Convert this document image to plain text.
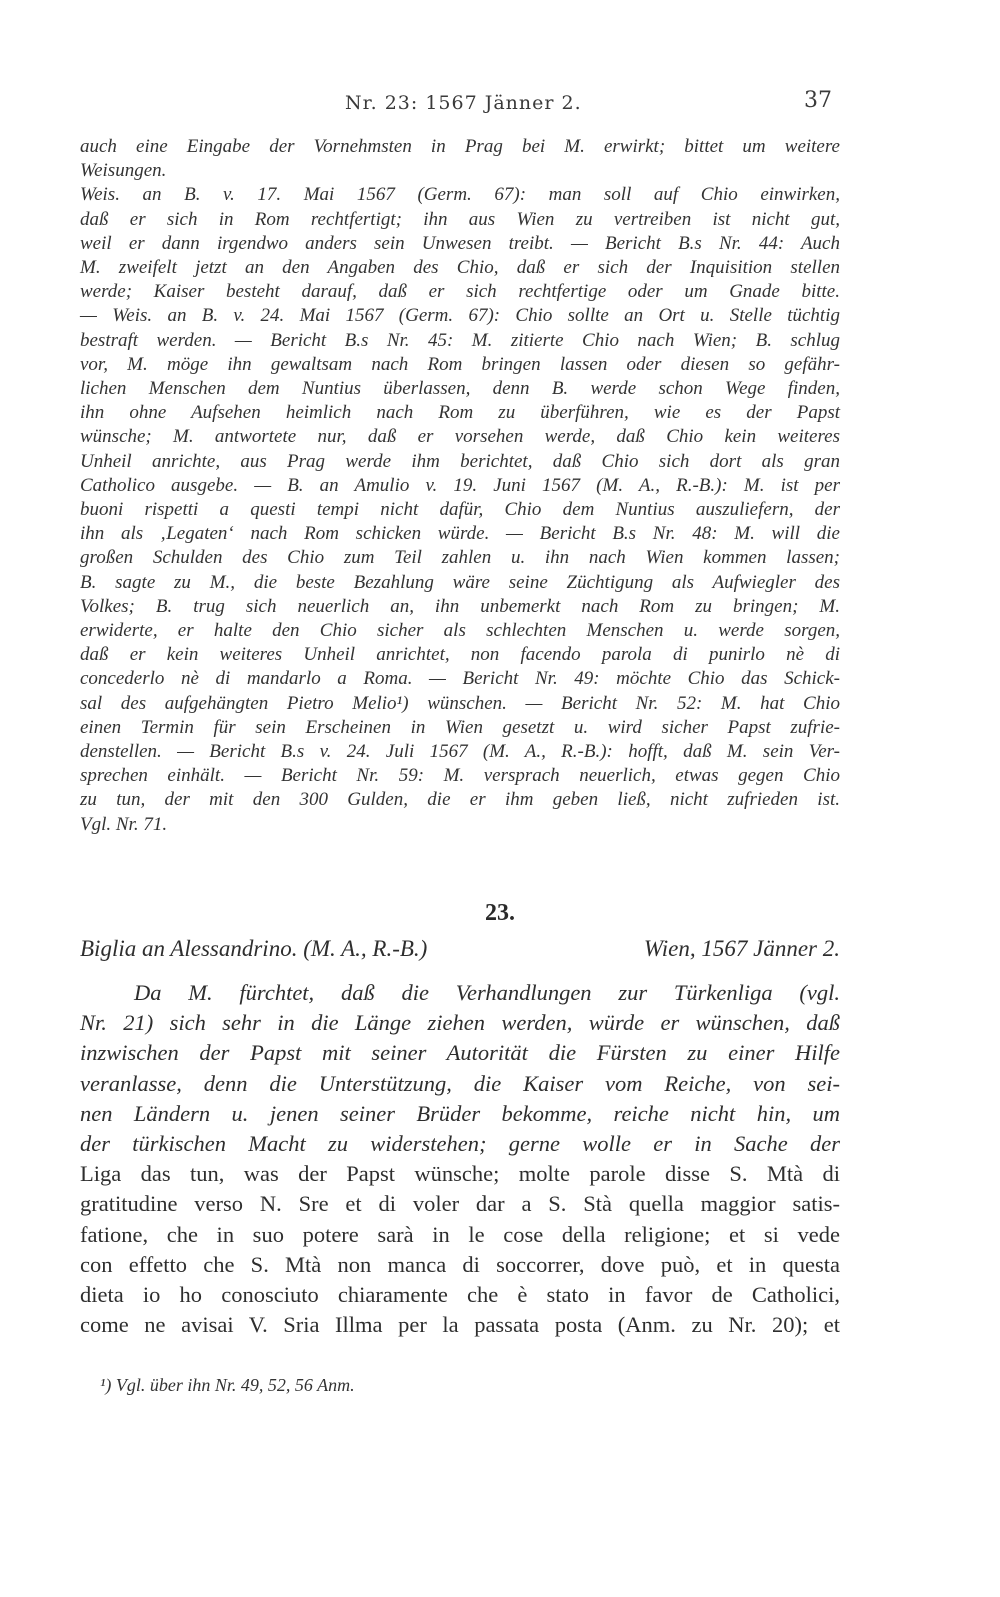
Nr. 23: 1567 Jänner 2.	37
auch eine Eingabe der Vornehmsten in Prag bei M. erwirkt; bittet um weitere
Weisungen.
Weis. an B. v. 17. Mai 1567 (Germ. 67): man soll auf Chio einwirken,
daß er sich in Rom rechtfertigt; ihn aus Wien zu vertreiben ist nicht gut,
weil er dann irgendwo anders sein Unwesen treibt. — Bericht B.s Nr. 44: Auch
M. zweifelt jetzt an den Angaben des Chio, daß er sich der Inquisition stellen
werde; Kaiser besteht darauf, daß er sich rechtfertige oder um Gnade bitte.
— Weis. an B. v. 24. Mai 1567 (Germ. 67): Chio sollte an Ort u. Stelle tüchtig
bestraft werden. — Bericht B.s Nr. 45: M. zitierte Chio nach Wien; B. schlug
vor, M. möge ihn gewaltsam nach Rom bringen lassen oder diesen so gefähr-
lichen Menschen dem Nuntius überlassen, denn B. werde schon Wege finden,
ihn ohne Aufsehen heimlich nach Rom zu überführen, wie es der Papst
wünsche; M. antwortete nur, daß er vorsehen werde, daß Chio kein weiteres
Unheil anrichte, aus Prag werde ihm berichtet, daß Chio sich dort als gran
Catholico ausgebe. — B. an Amulio v. 19. Juni 1567 (M. A., R.-B.): M. ist per
buoni rispetti a questi tempi nicht dafür, Chio dem Nuntius auszuliefern, der
ihn als ‚Legaten‘ nach Rom schicken würde. — Bericht B.s Nr. 48: M. will die
großen Schulden des Chio zum Teil zahlen u. ihn nach Wien kommen lassen;
B. sagte zu M., die beste Bezahlung wäre seine Züchtigung als Aufwiegler des
Volkes; B. trug sich neuerlich an, ihn unbemerkt nach Rom zu bringen; M.
erwiderte, er halte den Chio sicher als schlechten Menschen u. werde sorgen,
daß er kein weiteres Unheil anrichtet, non facendo parola di punirlo nè di
concederlo nè di mandarlo a Roma. — Bericht Nr. 49: möchte Chio das Schick-
sal des aufgehängten Pietro Melio¹) wünschen. — Bericht Nr. 52: M. hat Chio
einen Termin für sein Erscheinen in Wien gesetzt u. wird sicher Papst zufrie-
denstellen. — Bericht B.s v. 24. Juli 1567 (M. A., R.-B.): hofft, daß M. sein Ver-
sprechen einhält. — Bericht Nr. 59: M. versprach neuerlich, etwas gegen Chio
zu tun, der mit den 300 Gulden, die er ihm geben ließ, nicht zufrieden ist.
Vgl. Nr. 71.
23.
Biglia an Alessandrino. (M. A., R.-B.)	Wien, 1567 Jänner 2.
Da M. fürchtet, daß die Verhandlungen zur Türkenliga (vgl.
Nr. 21) sich sehr in die Länge ziehen werden, würde er wünschen, daß
inzwischen der Papst mit seiner Autorität die Fürsten zu einer Hilfe
veranlasse, denn die Unterstützung, die Kaiser vom Reiche, von sei-
nen Ländern u. jenen seiner Brüder bekomme, reiche nicht hin, um
der türkischen Macht zu widerstehen; gerne wolle er in Sache der
Liga das tun, was der Papst wünsche; molte parole disse S. Mtà di
gratitudine verso N. Sre et di voler dar a S. Stà quella maggior satis-
fatione, che in suo potere sarà in le cose della religione; et si vede
con effetto che S. Mtà non manca di soccorrer, dove può, et in questa
dieta io ho conosciuto chiaramente che è stato in favor de Catholici,
come ne avisai V. Sria Illma per la passata posta (Anm. zu Nr. 20); et
¹) Vgl. über ihn Nr. 49, 52, 56 Anm.
